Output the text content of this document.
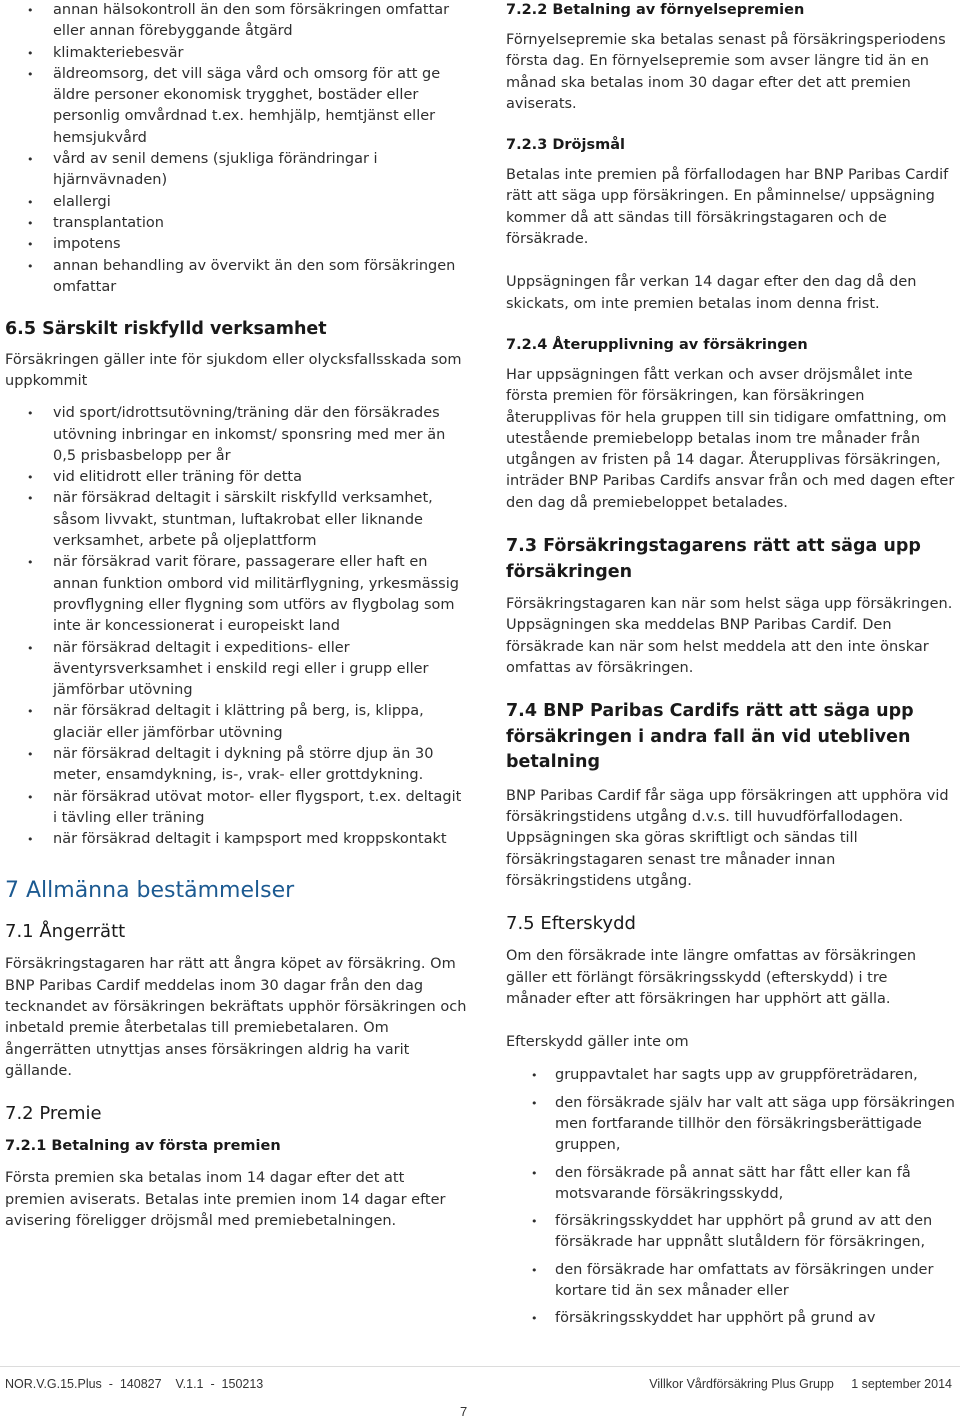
• annan hälsokontroll än den som försäkringen omfattar eller annan förebyggande åtgärd
• klimakteriebesvär
• äldreomsorg, det vill säga vård och omsorg för att ge äldre personer ekonomisk trygghet, bostäder eller personlig omvårdnad t.ex. hemhjälp, hemtjänst eller hemsjukvård
• vård av senil demens (sjukliga förändringar i hjärnvävnaden)
• elallergi
• transplantation
• impotens
• annan behandling av övervikt än den som försäkringen omfattar
6.5 Särskilt riskfylld verksamhet

Försäkringen gäller inte för sjukdom eller olycksfallsskada som uppkommit

• vid sport/idrottsutövning/träning där den försäkrades utövning inbringar en inkomst/ sponsring med mer än 0,5 prisbasbelopp per år
• vid elitidrott eller träning för detta
• när försäkrad deltagit i särskilt riskfylld verksamhet, såsom livvakt, stuntman, luftakrobat eller liknande verksamhet, arbete på oljeplattform
• när försäkrad varit förare, passagerare eller haft en annan funktion ombord vid militärflygning, yrkesmässig provflygning eller flygning som utförs av flygbolag som inte är koncessionerat i europeiskt land
• när försäkrad deltagit i expeditions- eller äventyrsverksamhet i enskild regi eller i grupp eller jämförbar utövning
• när försäkrad deltagit i klättring på berg, is, klippa, glaciär eller jämförbar utövning
• när försäkrad deltagit i dykning på större djup än 30 meter, ensamdykning, is-, vrak- eller grottdykning.
• när försäkrad utövat motor- eller flygsport, t.ex. deltagit i tävling eller träning
• när försäkrad deltagit i kampsport med kroppskontakt
7 Allmänna bestämmelser
7.1 Ångerrätt

Försäkringstagaren har rätt att ångra köpet av försäkring. Om BNP Paribas Cardif meddelas inom 30 dagar från den dag tecknandet av försäkringen bekräftats upphör försäkringen och inbetald premie återbetalas till premiebetalaren. Om ångerrätten utnyttjas anses försäkringen aldrig ha varit gällande.

7.2 Premie
7.2.1 Betalning av första premien

Första premien ska betalas inom 14 dagar efter det att premien aviserats. Betalas inte premien inom 14 dagar efter avisering föreligger dröjsmål med premiebetalningen.

7.2.2 Betalning av förnyelsepremien

Förnyelsepremie ska betalas senast på försäkringsperiodens första dag. En förnyelsepremie som avser längre tid än en månad ska betalas inom 30 dagar efter det att premien aviserats.

7.2.3 Dröjsmål

Betalas inte premien på förfallodagen har BNP Paribas Cardif rätt att säga upp försäkringen. En påminnelse/ uppsägning kommer då att sändas till försäkringstagaren och de försäkrade.

Uppsägningen får verkan 14 dagar efter den dag då den skickats, om inte premien betalas inom denna frist.

7.2.4 Återupplivning av försäkringen

Har uppsägningen fått verkan och avser dröjsmålet inte första premien för försäkringen, kan försäkringen återupplivas för hela gruppen till sin tidigare omfattning, om utestående premiebelopp betalas inom tre månader från utgången av fristen på 14 dagar. Återupplivas försäkringen, inträder BNP Paribas Cardifs ansvar från och med dagen efter den dag då premiebeloppet betalades.

7.3 Försäkringstagarens rätt att säga upp försäkringen

Försäkringstagaren kan när som helst säga upp försäkringen. Uppsägningen ska meddelas BNP Paribas Cardif. Den försäkrade kan när som helst meddela att den inte önskar omfattas av försäkringen.

7.4 BNP Paribas Cardifs rätt att säga upp försäkringen i andra fall än vid utebliven betalning

BNP Paribas Cardif får säga upp försäkringen att upphöra vid försäkringstidens utgång d.v.s. till huvudförfallodagen. Uppsägningen ska göras skriftligt och sändas till försäkringstagaren senast tre månader innan försäkringstidens utgång.

7.5 Efterskydd

Om den försäkrade inte längre omfattas av försäkringen gäller ett förlängt försäkringsskydd (efterskydd) i tre månader efter att försäkringen har upphört att gälla.

Efterskydd gäller inte om

• gruppavtalet har sagts upp av gruppföreträdaren,
• den försäkrade själv har valt att säga upp försäkringen men fortfarande tillhör den försäkringsberättigade gruppen,
• den försäkrade på annat sätt har fått eller kan få motsvarande försäkringsskydd,
• försäkringsskyddet har upphört på grund av att den försäkrade har uppnått slutåldern för försäkringen,
• den försäkrade har omfattats av försäkringen under kortare tid än sex månader eller
• försäkringsskyddet har upphört på grund av
NOR.V.G.15.Plus  -  140827    V.1.1  -  150213	Villkor Vårdförsäkring Plus Grupp     1 september 2014
7
